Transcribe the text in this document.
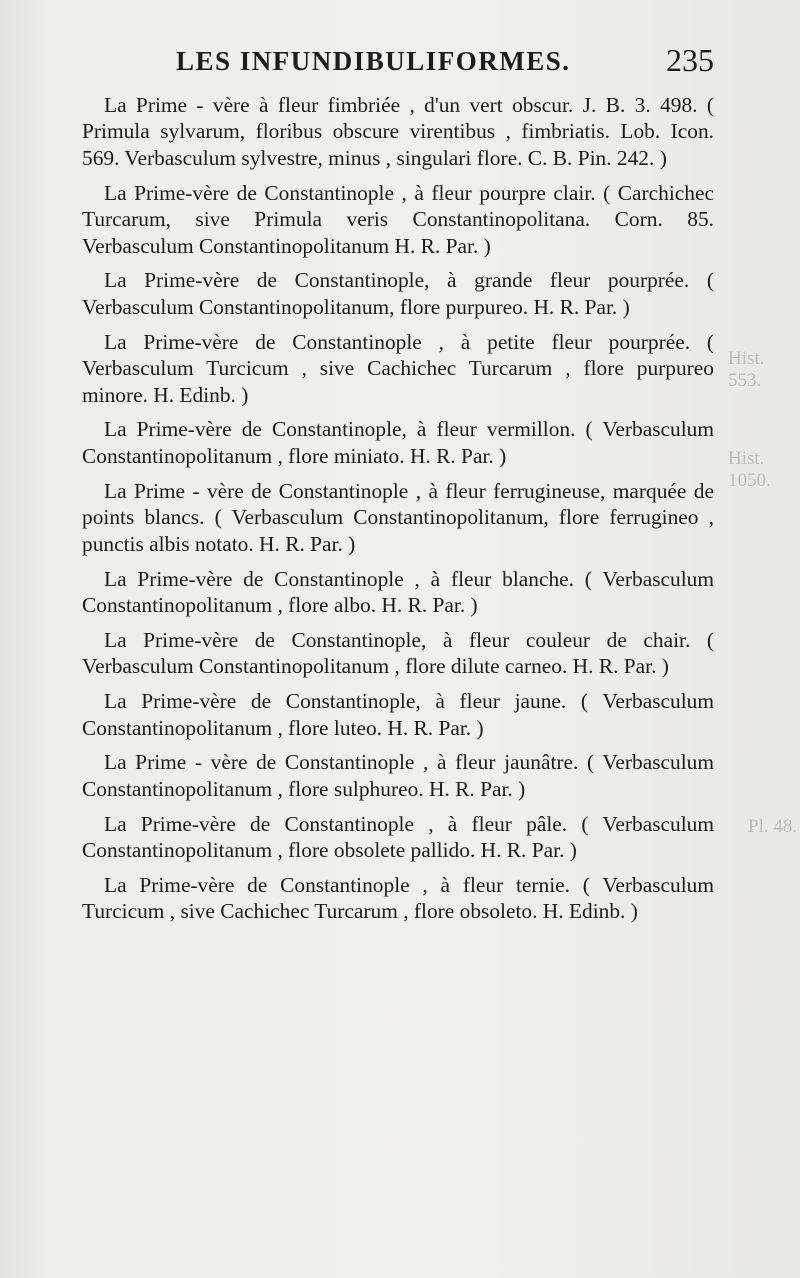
LES INFUNDIBULIFORMES.	235

La Prime - vère à fleur fimbriée , d'un vert obscur. J. B. 3. 498. ( Primula sylvarum, floribus obscure virentibus , fimbriatis. Lob. Icon. 569. Verbasculum sylvestre, minus , singulari flore. C. B. Pin. 242. )

La Prime-vère de Constantinople , à fleur pourpre clair. ( Carchichec Turcarum, sive Primula veris Constantinopolitana. Corn. 85. Verbasculum Constantinopolitanum H. R. Par. )

La Prime-vère de Constantinople, à grande fleur pourprée. ( Verbasculum Constantinopolitanum, flore purpureo. H. R. Par. )

La Prime-vère de Constantinople , à petite fleur pourprée. ( Verbasculum Turcicum , sive Cachichec Turcarum , flore purpureo minore. H. Edinb. )

La Prime-vère de Constantinople, à fleur vermillon. ( Verbasculum Constantinopolitanum , flore miniato. H. R. Par. )

La Prime - vère de Constantinople , à fleur ferrugineuse, marquée de points blancs. ( Verbasculum Constantinopolitanum, flore ferrugineo , punctis albis notato. H. R. Par. )

La Prime-vère de Constantinople , à fleur blanche. ( Verbasculum Constantinopolitanum , flore albo. H. R. Par. )

La Prime-vère de Constantinople, à fleur couleur de chair. ( Verbasculum Constantinopolitanum , flore dilute carneo. H. R. Par. )

La Prime-vère de Constantinople, à fleur jaune. ( Verbasculum Constantinopolitanum , flore luteo. H. R. Par. )

La Prime - vère de Constantinople , à fleur jaunâtre. ( Verbasculum Constantinopolitanum , flore sulphureo. H. R. Par. )

La Prime-vère de Constantinople , à fleur pâle. ( Verbasculum Constantinopolitanum , flore obsolete pallido. H. R. Par. )

La Prime-vère de Constantinople , à fleur ternie. ( Verbasculum Turcicum , sive Cachichec Turcarum , flore obsoleto. H. Edinb. )

Hist. 553.
Hist. 1050.
Pl. 48.
